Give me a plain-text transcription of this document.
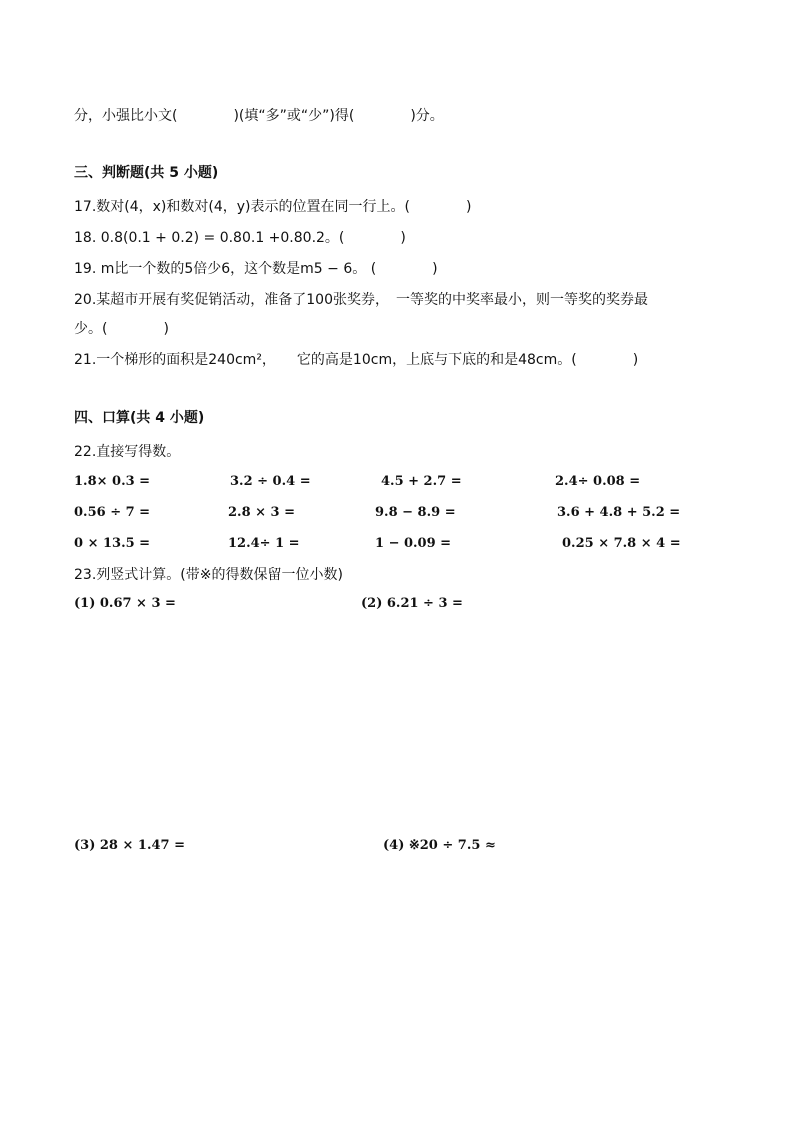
分，小强比小文(　　　　)(填“多”或“少”)得(　　　　)分。
三、判断题(共 5 小题)
17.数对(4，x)和数对(4，y)表示的位置在同一行上。(　　　　)
18. 0.8(0.1 + 0.2) = 0.80.1 +0.80.2。(　　　　)
19. m比一个数的5倍少6，这个数是m5 − 6。 (　　　　)
20.某超市开展有奖促销活动，准备了100张奖券，　一等奖的中奖率最小，则一等奖的奖券最
少。(　　　　)
21.一个梯形的面积是240cm²，　　它的高是10cm，上底与下底的和是48cm。(　　　　)
四、口算(共 4 小题)
22.直接写得数。
1.8× 0.3 =	3.2 ÷ 0.4 =	4.5 + 2.7 =	2.4÷ 0.08 =
0.56 ÷ 7 =	2.8 × 3 =	9.8 − 8.9 =	3.6 + 4.8 + 5.2 =
0 × 13.5 =	12.4÷ 1 =	1 − 0.09 =	0.25 × 7.8 × 4 =
23.列竖式计算。(带※的得数保留一位小数)
(1) 0.67 × 3 =	(2) 6.21 ÷ 3 =
(3) 28 × 1.47 =	(4) ※20 ÷ 7.5 ≈
